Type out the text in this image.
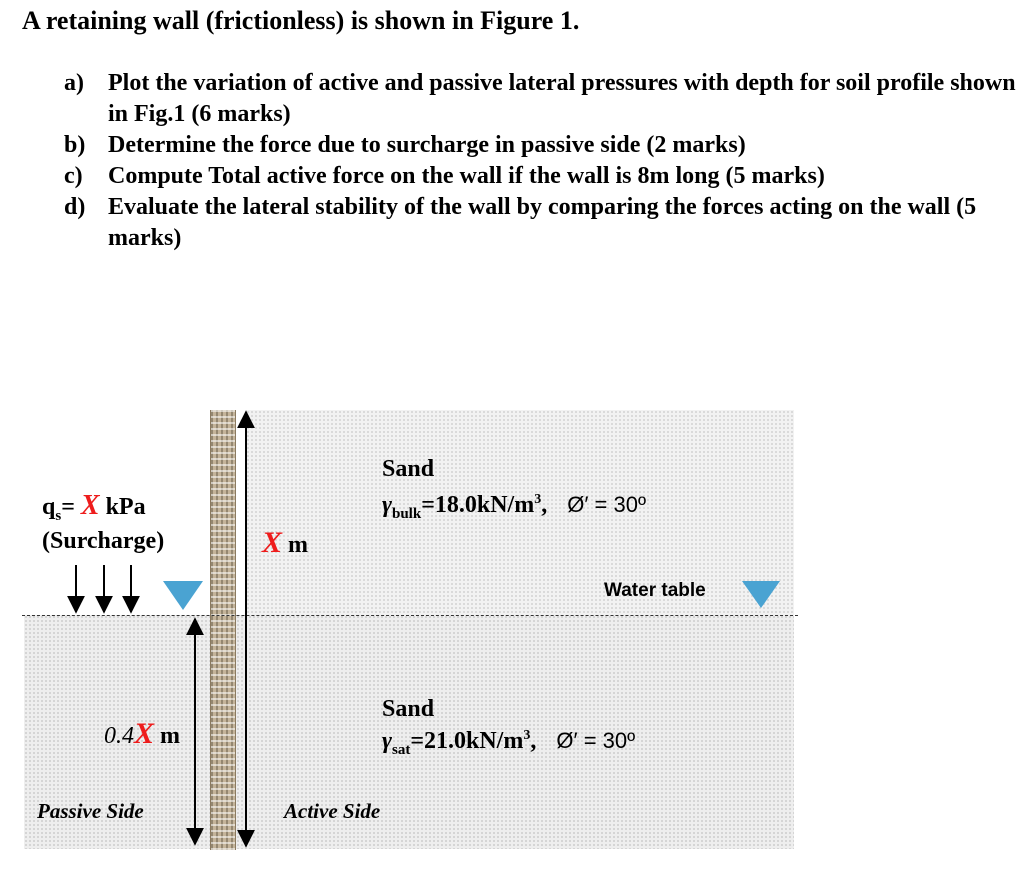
A retaining wall (frictionless) is shown in Figure 1.
a)	Plot the variation of active and passive lateral pressures with depth for soil profile shown in Fig.1 (6 marks)
b) Determine the force due to surcharge in passive side (2 marks)
c)	Compute Total active force on the wall if the wall is 8m long (5 marks)
d) Evaluate the lateral stability of the wall by comparing the forces acting on the wall (5 marks)
$q_s= X$ kPa
(Surcharge)	X m
0.4X m
Sand
$\gamma_{bulk}=18.0kN/m^3$, Ø′ = 30º
Water table
Sand
$\gamma_{sat}=21.0kN/m^3$, Ø′ = 30º
Passive Side	Active Side
